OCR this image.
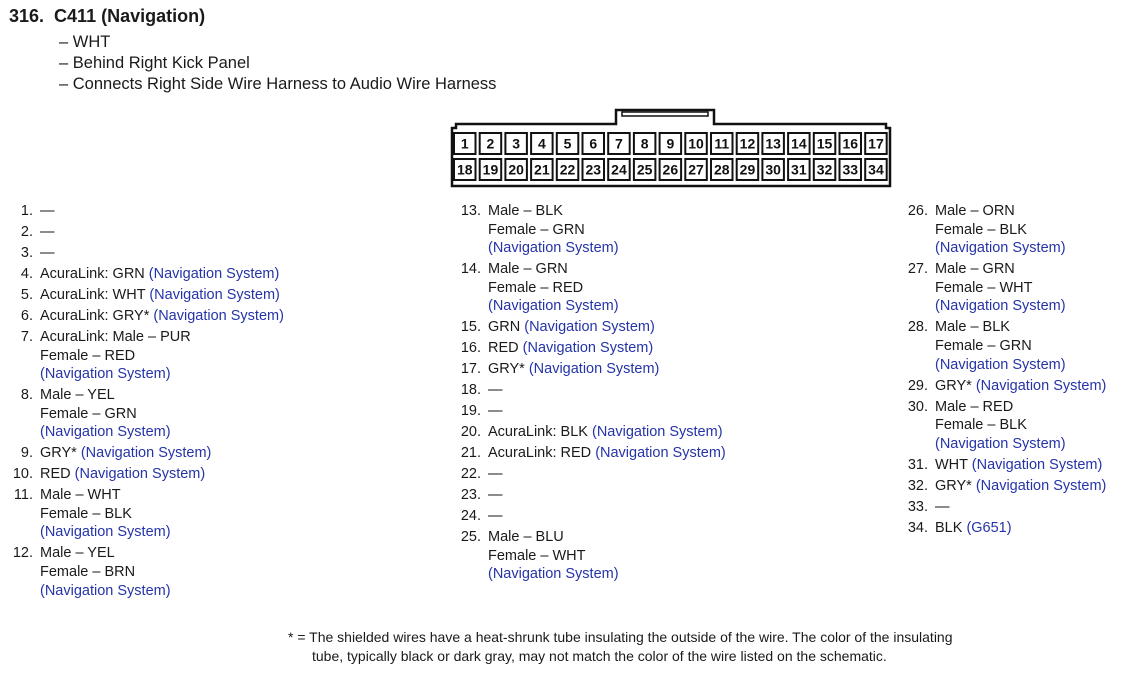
316. C411 (Navigation)
– WHT
– Behind Right Kick Panel
– Connects Right Side Wire Harness to Audio Wire Harness
1 2 3 4 5 6 7 8 9 10 11 12 13 14 15 16 17
18 19 20 21 22 23 24 25 26 27 28 29 30 31 32 33 34
1. —
2. —
3. —
4. AcuraLink: GRN (Navigation System)
5. AcuraLink: WHT (Navigation System)
6. AcuraLink: GRY* (Navigation System)
7. AcuraLink: Male – PUR
Female – RED
(Navigation System)
8. Male – YEL
Female – GRN
(Navigation System)
9. GRY* (Navigation System)
10. RED (Navigation System)
11. Male – WHT
Female – BLK
(Navigation System)
12. Male – YEL
Female – BRN
(Navigation System)
13. Male – BLK
Female – GRN
(Navigation System)
14. Male – GRN
Female – RED
(Navigation System)
15. GRN (Navigation System)
16. RED (Navigation System)
17. GRY* (Navigation System)
18. —
19. —
20. AcuraLink: BLK (Navigation System)
21. AcuraLink: RED (Navigation System)
22. —
23. —
24. —
25. Male – BLU
Female – WHT
(Navigation System)
26. Male – ORN
Female – BLK
(Navigation System)
27. Male – GRN
Female – WHT
(Navigation System)
28. Male – BLK
Female – GRN
(Navigation System)
29. GRY* (Navigation System)
30. Male – RED
Female – BLK
(Navigation System)
31. WHT (Navigation System)
32. GRY* (Navigation System)
33. —
34. BLK (G651)
* = The shielded wires have a heat-shrunk tube insulating the outside of the wire. The color of the insulating
tube, typically black or dark gray, may not match the color of the wire listed on the schematic.
